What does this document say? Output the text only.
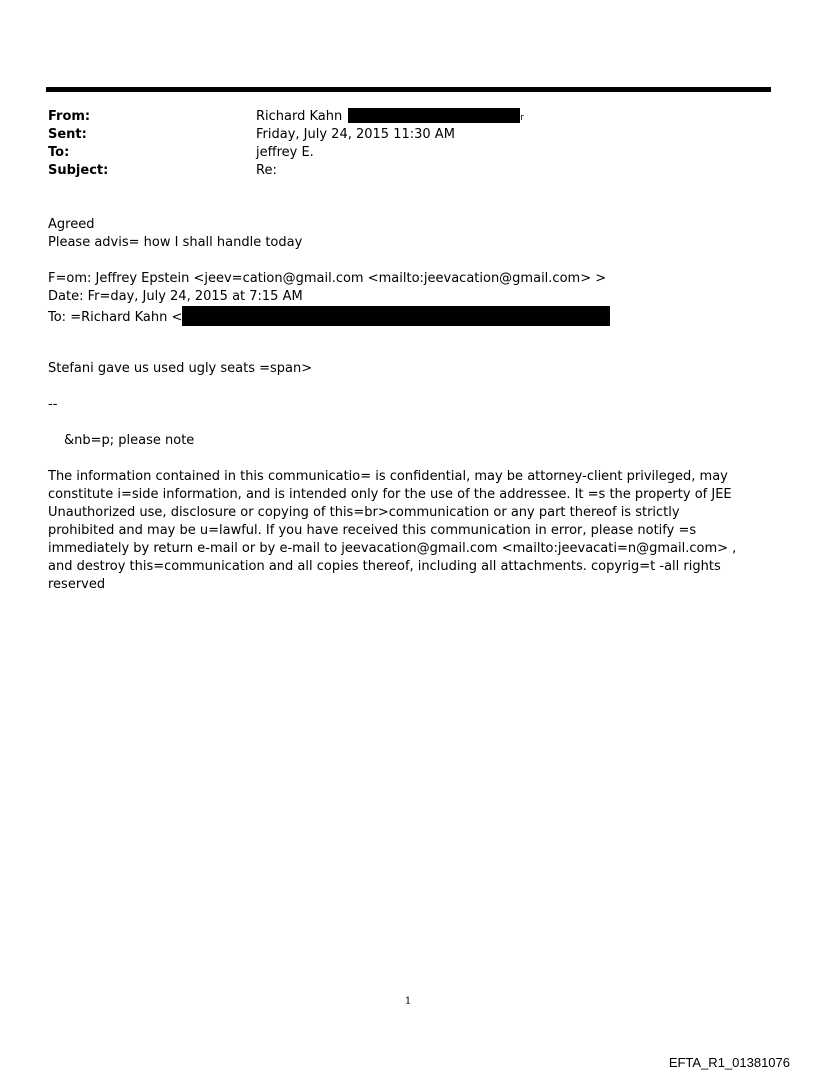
From:	Richard Kahn	r
Sent:	Friday, July 24, 2015 11:30 AM
To:	jeffrey E.
Subject:	Re:
Agreed
Please advis= how I shall handle today
F=om: Jeffrey Epstein <jeev=cation@gmail.com <mailto:jeevacation@gmail.com> >
Date: Fr=day, July 24, 2015 at 7:15 AM
To: =Richard Kahn <
Stefani gave us used ugly seats =span>
--
&nb=p; please note
The information contained in this communicatio= is confidential, may be attorney-client privileged, may constitute i=side information, and is intended only for the use of the addressee. It =s the property of JEE Unauthorized use, disclosure or copying of this=br>communication or any part thereof is strictly prohibited and may be u=lawful. If you have received this communication in error, please notify =s immediately by return e-mail or by e-mail to jeevacation@gmail.com <mailto:jeevacati=n@gmail.com> , and destroy this=communication and all copies thereof, including all attachments. copyrig=t -all rights reserved
1
EFTA_R1_01381076
